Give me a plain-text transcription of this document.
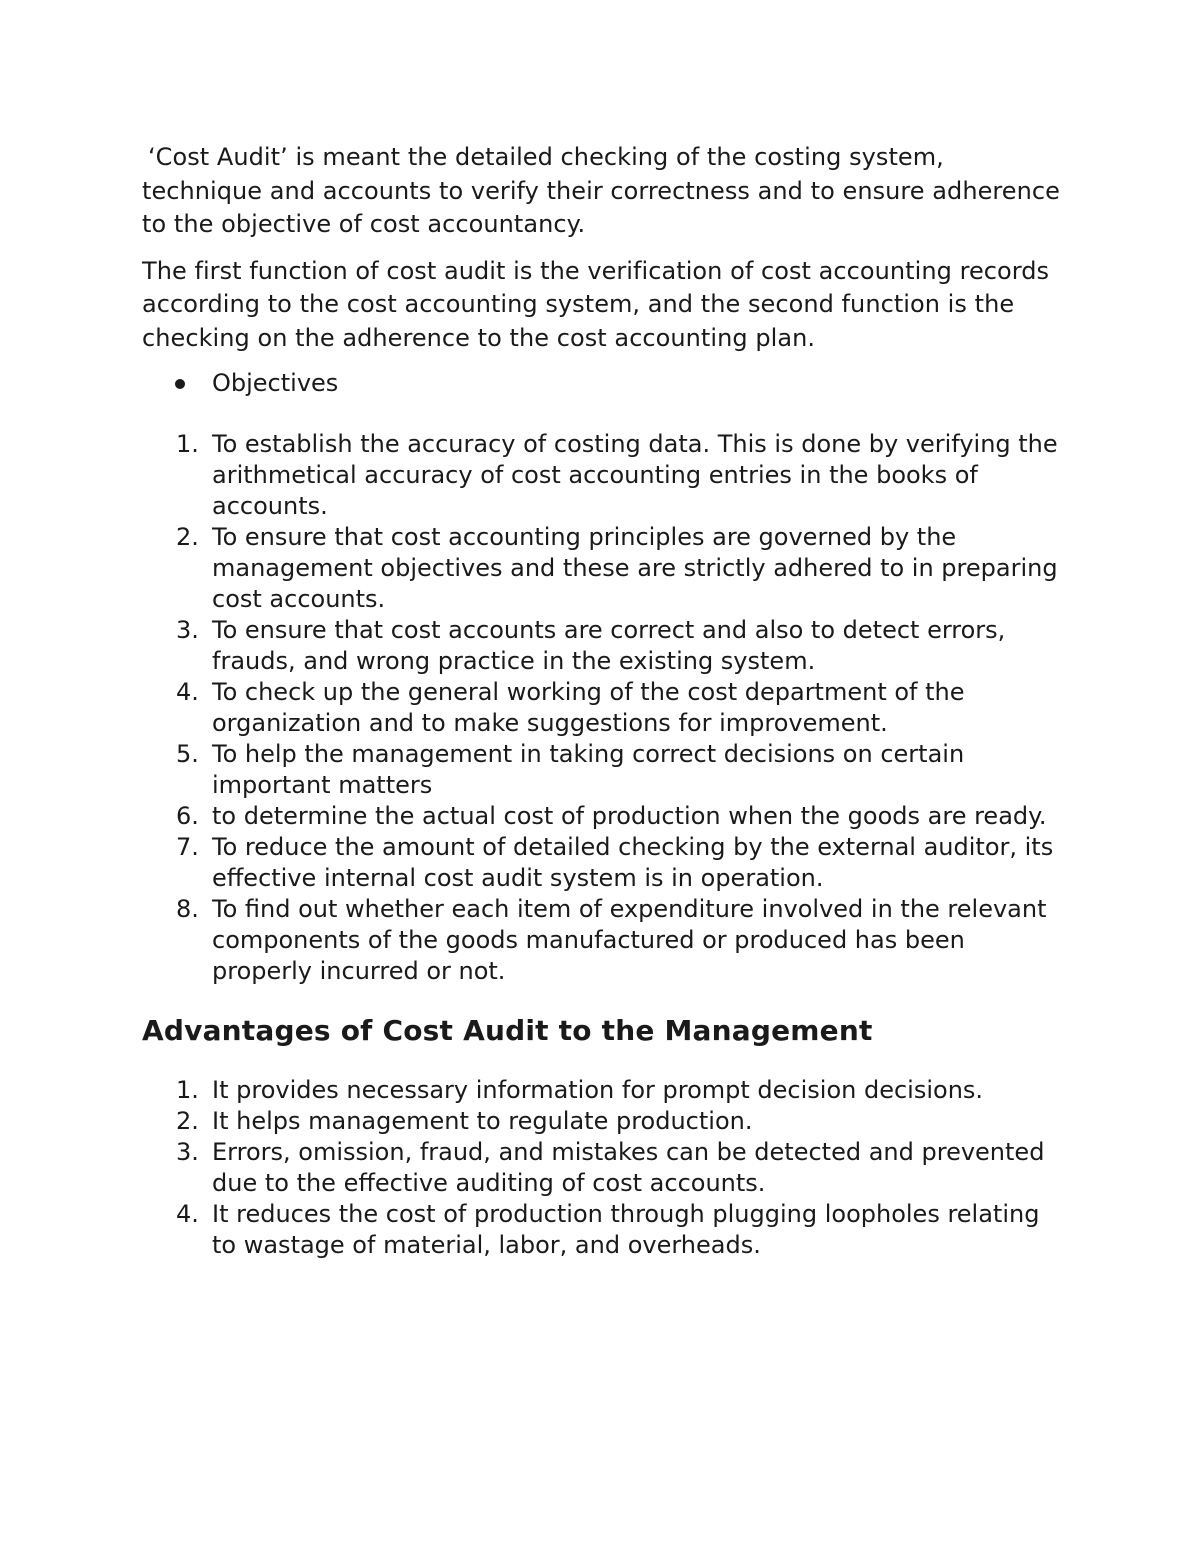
‘Cost Audit’ is meant the detailed checking of the costing system, technique and accounts to verify their correctness and to ensure adherence to the objective of cost accountancy.

The first function of cost audit is the verification of cost accounting records according to the cost accounting system, and the second function is the checking on the adherence to the cost accounting plan.

Objectives
1. To establish the accuracy of costing data. This is done by verifying the arithmetical accuracy of cost accounting entries in the books of accounts.
2. To ensure that cost accounting principles are governed by the management objectives and these are strictly adhered to in preparing cost accounts.
3. To ensure that cost accounts are correct and also to detect errors, frauds, and wrong practice in the existing system.
4. To check up the general working of the cost department of the organization and to make suggestions for improvement.
5. To help the management in taking correct decisions on certain important matters
6. to determine the actual cost of production when the goods are ready.
7. To reduce the amount of detailed checking by the external auditor, its effective internal cost audit system is in operation.
8. To find out whether each item of expenditure involved in the relevant components of the goods manufactured or produced has been properly incurred or not.
Advantages of Cost Audit to the Management
1. It provides necessary information for prompt decision decisions.
2. It helps management to regulate production.
3. Errors, omission, fraud, and mistakes can be detected and prevented due to the effective auditing of cost accounts.
4. It reduces the cost of production through plugging loopholes relating to wastage of material, labor, and overheads.
